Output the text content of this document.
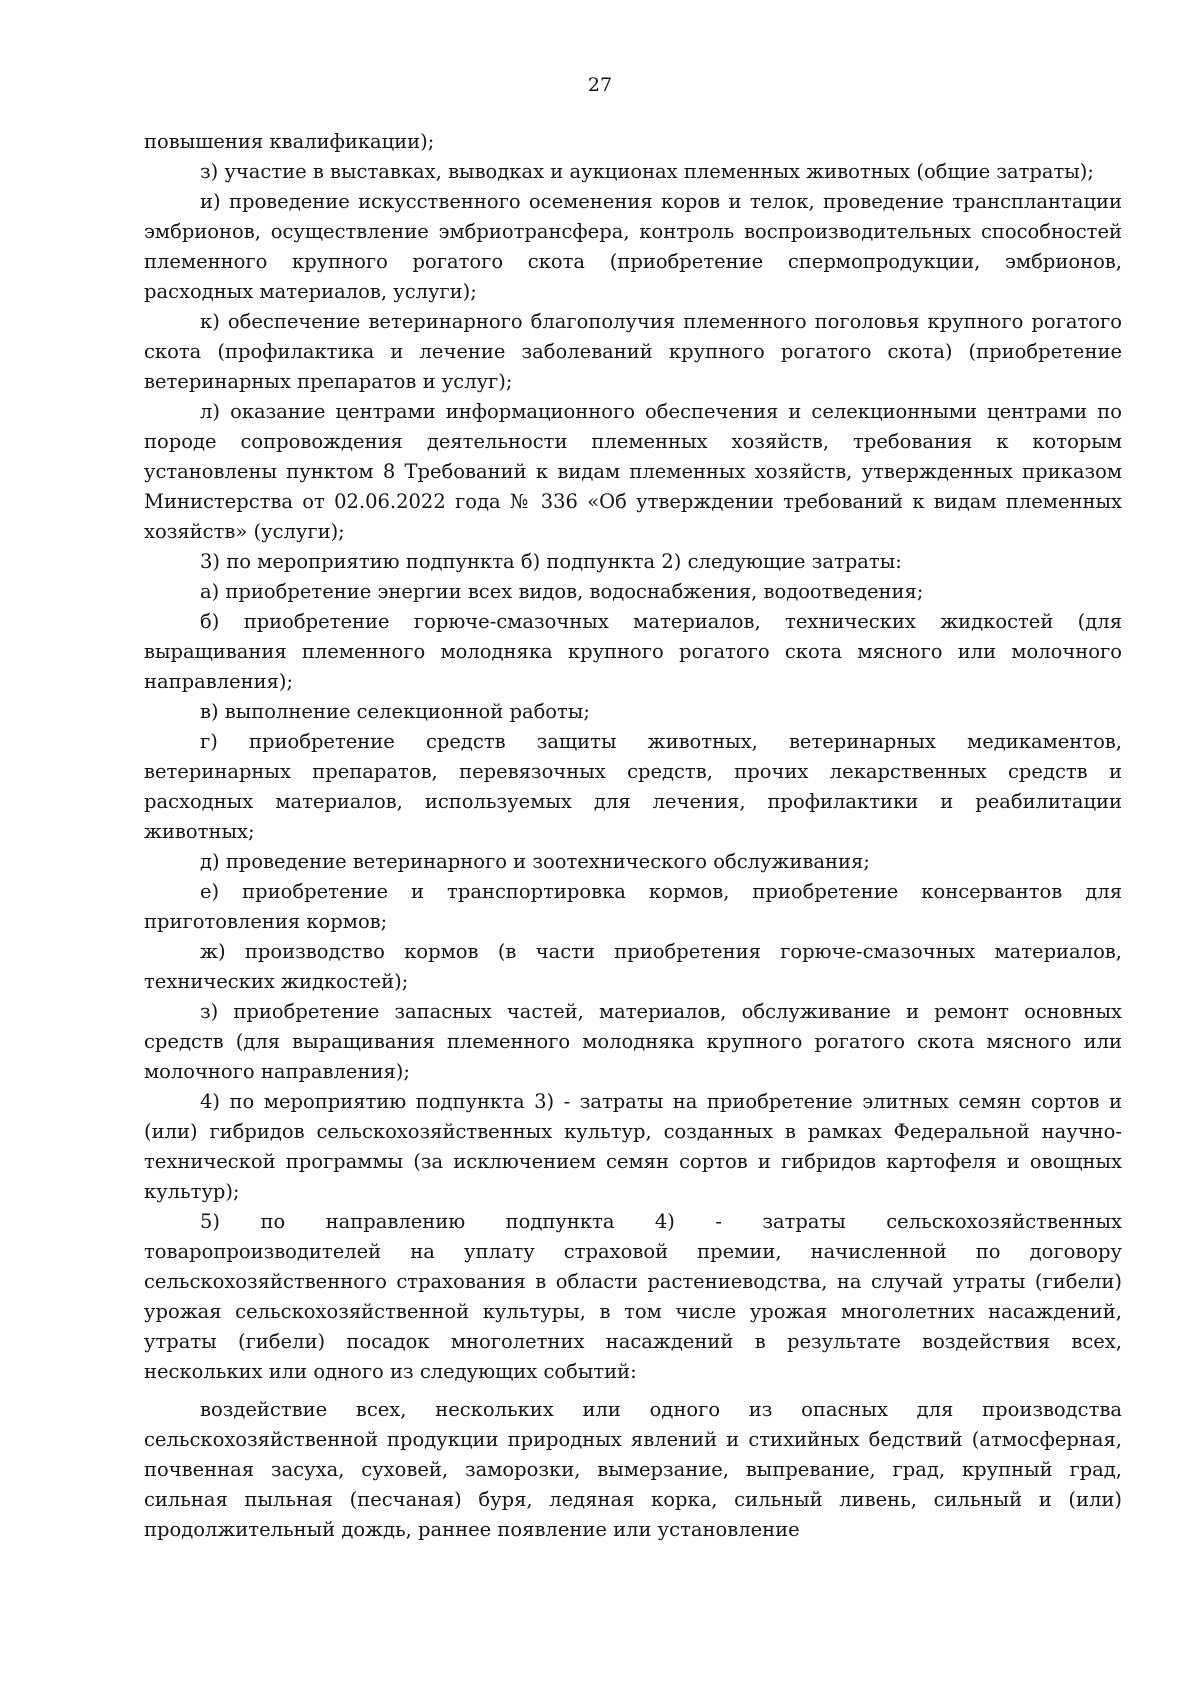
27

повышения квалификации);

з) участие в выставках, выводках и аукционах племенных животных (общие затраты);

и) проведение искусственного осеменения коров и телок, проведение трансплантации эмбрионов, осуществление эмбриотрансфера, контроль воспроизводительных способностей племенного крупного рогатого скота (приобретение спермопродукции, эмбрионов, расходных материалов, услуги);

к) обеспечение ветеринарного благополучия племенного поголовья крупного рогатого скота (профилактика и лечение заболеваний крупного рогатого скота) (приобретение ветеринарных препаратов и услуг);

л) оказание центрами информационного обеспечения и селекционными центрами по породе сопровождения деятельности племенных хозяйств, требования к которым установлены пунктом 8 Требований к видам племенных хозяйств, утвержденных приказом Министерства от 02.06.2022 года № 336 «Об утверждении требований к видам племенных хозяйств» (услуги);

3) по мероприятию подпункта б) подпункта 2) следующие затраты:

а) приобретение энергии всех видов, водоснабжения, водоотведения;

б) приобретение горюче-смазочных материалов, технических жидкостей (для выращивания племенного молодняка крупного рогатого скота мясного или молочного направления);

в) выполнение селекционной работы;

г) приобретение средств защиты животных, ветеринарных медикаментов, ветеринарных препаратов, перевязочных средств, прочих лекарственных средств и расходных материалов, используемых для лечения, профилактики и реабилитации животных;

д) проведение ветеринарного и зоотехнического обслуживания;

е) приобретение и транспортировка кормов, приобретение консервантов для приготовления кормов;

ж) производство кормов (в части приобретения горюче-смазочных материалов, технических жидкостей);

з) приобретение запасных частей, материалов, обслуживание и ремонт основных средств (для выращивания племенного молодняка крупного рогатого скота мясного или молочного направления);

4) по мероприятию подпункта 3) - затраты на приобретение элитных семян сортов и (или) гибридов сельскохозяйственных культур, созданных в рамках Федеральной научно-технической программы (за исключением семян сортов и гибридов картофеля и овощных культур);

5) по направлению подпункта 4) - затраты сельскохозяйственных товаропроизводителей на уплату страховой премии, начисленной по договору сельскохозяйственного страхования в области растениеводства, на случай утраты (гибели) урожая сельскохозяйственной культуры, в том числе урожая многолетних насаждений, утраты (гибели) посадок многолетних насаждений в результате воздействия всех, нескольких или одного из следующих событий:

воздействие всех, нескольких или одного из опасных для производства сельскохозяйственной продукции природных явлений и стихийных бедствий (атмосферная, почвенная засуха, суховей, заморозки, вымерзание, выпревание, град, крупный град, сильная пыльная (песчаная) буря, ледяная корка, сильный ливень, сильный и (или) продолжительный дождь, раннее появление или установление
